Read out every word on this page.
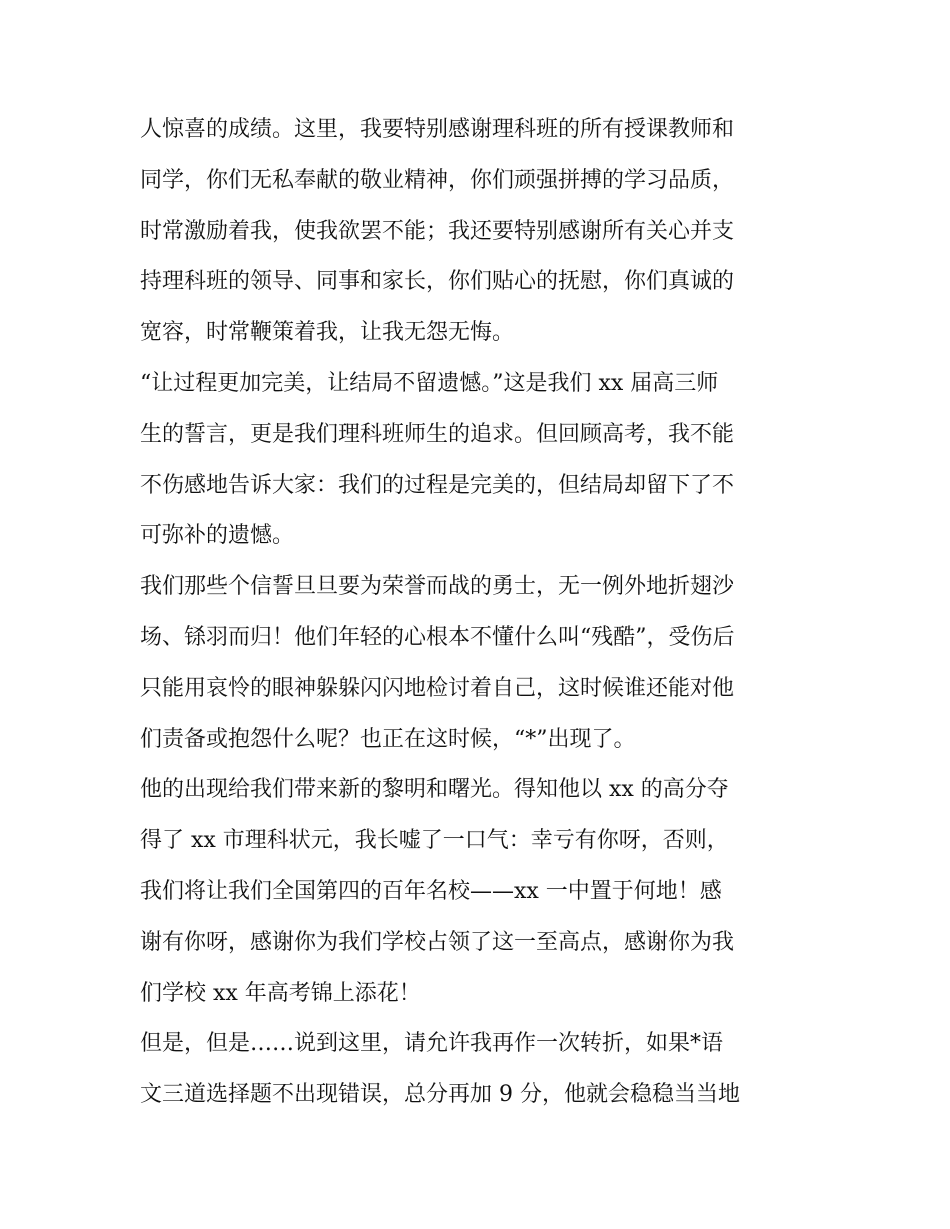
人惊喜的成绩。这里，我要特别感谢理科班的所有授课教师和
同学，你们无私奉献的敬业精神，你们顽强拼搏的学习品质，
时常激励着我，使我欲罢不能；我还要特别感谢所有关心并支
持理科班的领导、同事和家长，你们贴心的抚慰，你们真诚的
宽容，时常鞭策着我，让我无怨无悔。
“让过程更加完美，让结局不留遗憾。”这是我们 xx 届高三师
生的誓言，更是我们理科班师生的追求。但回顾高考，我不能
不伤感地告诉大家：我们的过程是完美的，但结局却留下了不
可弥补的遗憾。
我们那些个信誓旦旦要为荣誉而战的勇士，无一例外地折翅沙
场、铩羽而归！他们年轻的心根本不懂什么叫“残酷”，受伤后
只能用哀怜的眼神躲躲闪闪地检讨着自己，这时候谁还能对他
们责备或抱怨什么呢？也正在这时候，“*”出现了。
他的出现给我们带来新的黎明和曙光。得知他以 xx 的高分夺
得了 xx 市理科状元，我长嘘了一口气：幸亏有你呀，否则，
我们将让我们全国第四的百年名校——xx 一中置于何地！感
谢有你呀，感谢你为我们学校占领了这一至高点，感谢你为我
们学校 xx 年高考锦上添花！
但是，但是……说到这里，请允许我再作一次转折，如果*语
文三道选择题不出现错误，总分再加 9 分，他就会稳稳当当地
